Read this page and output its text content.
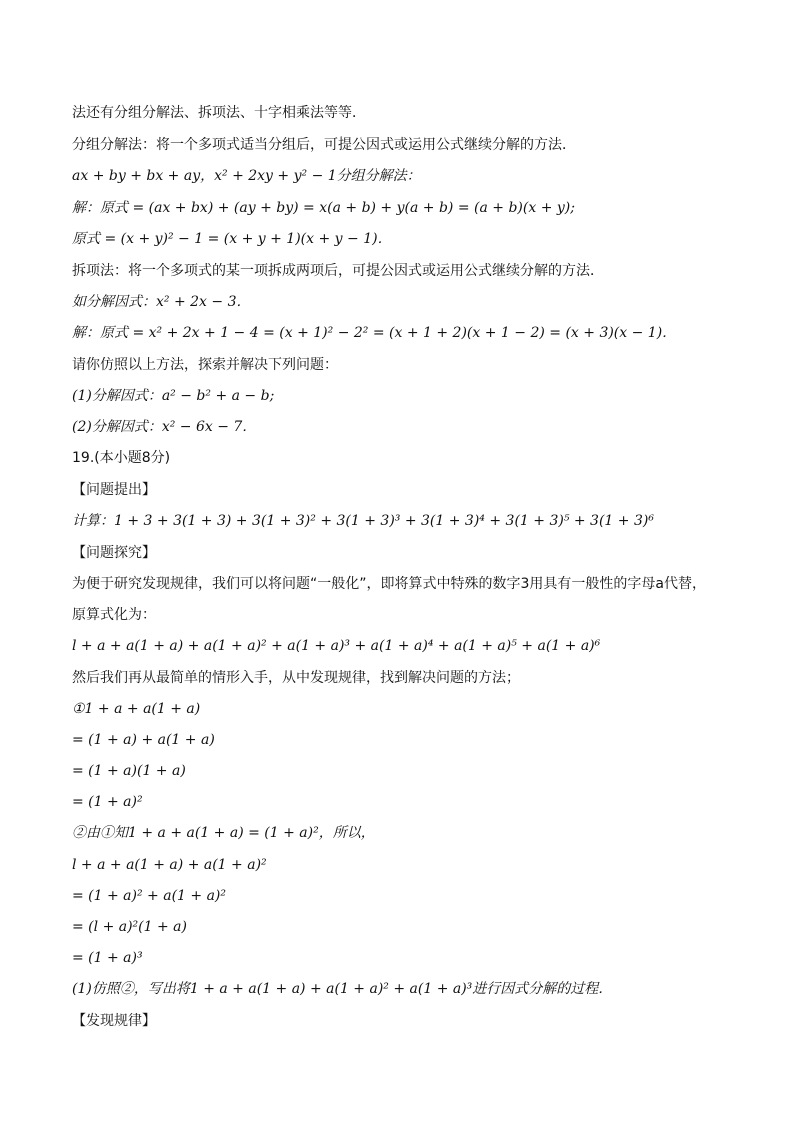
法还有分组分解法、拆项法、十字相乘法等等．
分组分解法：将一个多项式适当分组后，可提公因式或运用公式继续分解的方法．
ax + by + bx + ay，x² + 2xy + y² − 1分组分解法：
解：原式 = (ax + bx) + (ay + by) = x(a + b) + y(a + b) = (a + b)(x + y);
原式 = (x + y)² − 1 = (x + y + 1)(x + y − 1)．
拆项法：将一个多项式的某一项拆成两项后，可提公因式或运用公式继续分解的方法．
如分解因式：x² + 2x − 3．
解：原式 = x² + 2x + 1 − 4 = (x + 1)² − 2² = (x + 1 + 2)(x + 1 − 2) = (x + 3)(x − 1)．
请你仿照以上方法，探索并解决下列问题：
(1)分解因式：a² − b² + a − b;
(2)分解因式：x² − 6x − 7．
19.(本小题8分)
【问题提出】
计算：1 + 3 + 3(1 + 3) + 3(1 + 3)² + 3(1 + 3)³ + 3(1 + 3)⁴ + 3(1 + 3)⁵ + 3(1 + 3)⁶
【问题探究】
为便于研究发现规律，我们可以将问题“一般化”，即将算式中特殊的数字3用具有一般性的字母a代替，
原算式化为：
l + a + a(1 + a) + a(1 + a)² + a(1 + a)³ + a(1 + a)⁴ + a(1 + a)⁵ + a(1 + a)⁶
然后我们再从最简单的情形入手，从中发现规律，找到解决问题的方法；
①1 + a + a(1 + a)
= (1 + a) + a(1 + a)
= (1 + a)(1 + a)
= (1 + a)²
②由①知1 + a + a(1 + a) = (1 + a)²，所以，
l + a + a(1 + a) + a(1 + a)²
= (1 + a)² + a(1 + a)²
= (l + a)²(1 + a)
= (1 + a)³
(1)仿照②，写出将1 + a + a(1 + a) + a(1 + a)² + a(1 + a)³进行因式分解的过程．
【发现规律】
